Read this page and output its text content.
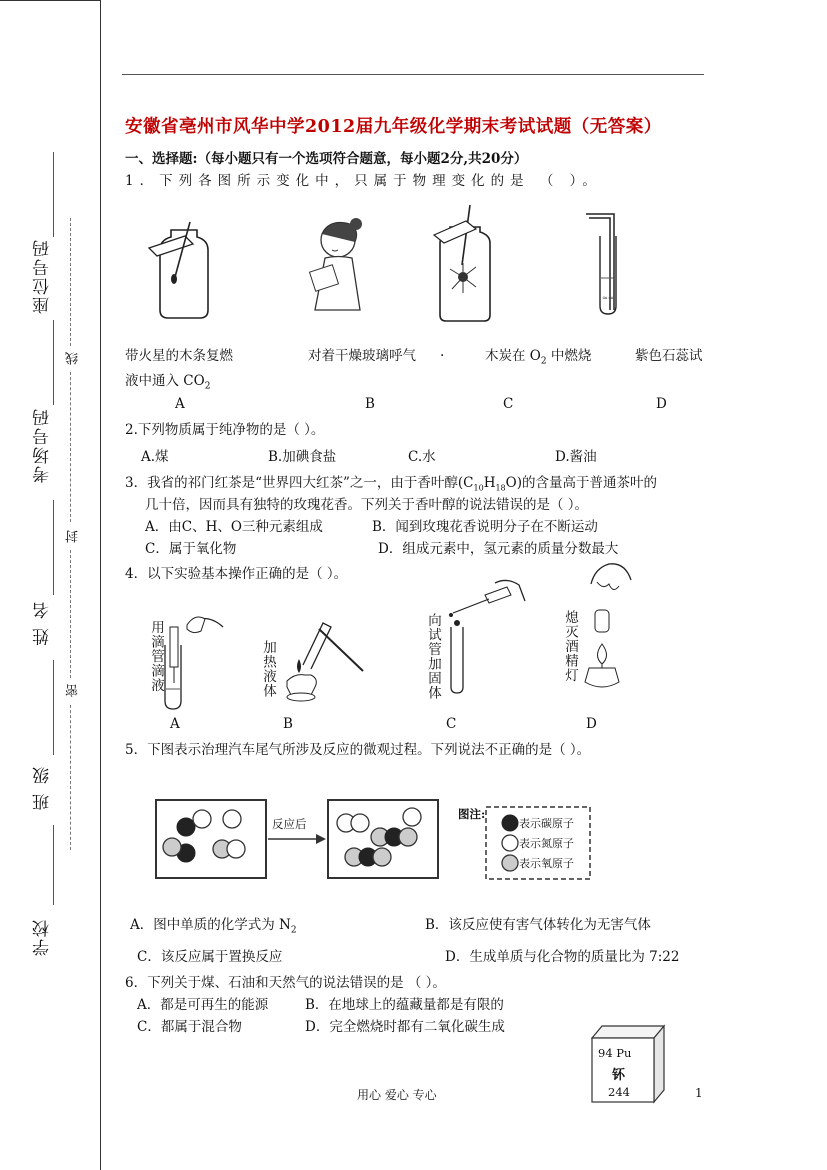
座位号码
线
考场号码
封
姓 名
密
班 级
学校
安徽省亳州市风华中学2012届九年级化学期末考试试题（无答案）
一、选择题:（每小题只有一个选项符合题意，每小题2分,共20分）
1．下列各图所示变化中，只属于物理变化的是 （ ）。
≈≈
带火星的木条复燃	对着干燥玻璃呼气 .	木炭在 $O_2$ 中燃烧	紫色石蕊试
液中通入 $CO_2$
A	B	C	D
2.下列物质属于纯净物的是（ ）。
A.煤	B.加碘食盐	C.水	D.酱油
3．我省的祁门红茶是“世界四大红茶”之一，由于香叶醇$(C_{10}H_{18}O)$的含量高于普通茶叶的
几十倍，因而具有独特的玫瑰花香。下列关于香叶醇的说法错误的是（ ）。
A．由C、H、O三种元素组成	B．闻到玫瑰花香说明分子在不断运动
C．属于氧化物	D．组成元素中，氢元素的质量分数最大
4．以下实验基本操作正确的是（ ）。
用滴管滴液	加热液体	向试管加固体	熄灭酒精灯
A	B	C	D
5．下图表示治理汽车尾气所涉及反应的微观过程。下列说法不正确的是（ ）。
反应后
图注:
表示碳原子
表示氮原子
表示氧原子
A．图中单质的化学式为 $N_2$	B．该反应使有害气体转化为无害气体
C．该反应属于置换反应	D．生成单质与化合物的质量比为 7:22
6．下列关于煤、石油和天然气的说法错误的是 （ ）。
A．都是可再生的能源	B．在地球上的蕴藏量都是有限的
C．都属于混合物	D．完全燃烧时都有二氧化碳生成
94 Pu
钚
244
用心 爱心 专心	1
